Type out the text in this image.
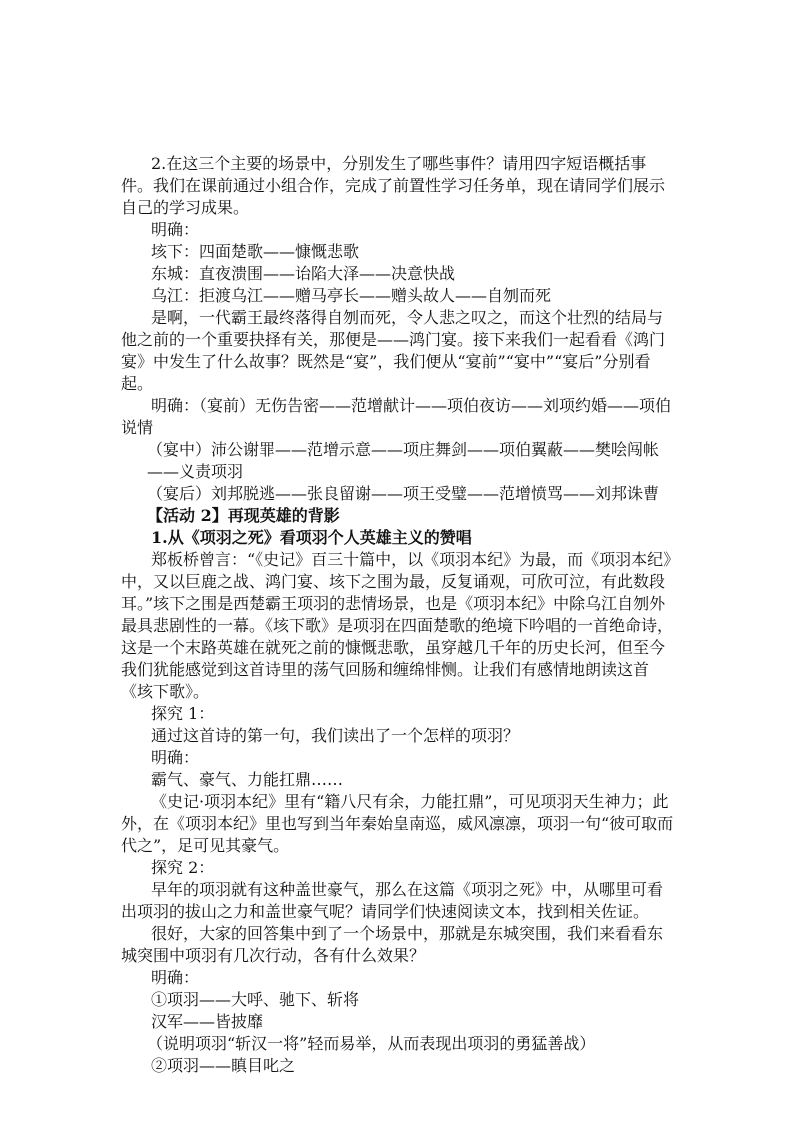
2.在这三个主要的场景中，分别发生了哪些事件？请用四字短语概括事件。我们在课前通过小组合作，完成了前置性学习任务单，现在请同学们展示自己的学习成果。

明确：

垓下：四面楚歌——慷慨悲歌

东城：直夜溃围——诒陷大泽——决意快战

乌江：拒渡乌江——赠马亭长——赠头故人——自刎而死

是啊，一代霸王最终落得自刎而死，令人悲之叹之，而这个壮烈的结局与他之前的一个重要抉择有关，那便是——鸿门宴。接下来我们一起看看《鸿门宴》中发生了什么故事？既然是“宴”，我们便从“宴前”“宴中”“宴后”分别看起。

明确：（宴前）无伤告密——范增献计——项伯夜访——刘项约婚——项伯说情

（宴中）沛公谢罪——范增示意——项庄舞剑——项伯翼蔽——樊哙闯帐

——义责项羽

（宴后）刘邦脱逃——张良留谢——项王受璧——范增愤骂——刘邦诛曹

【活动 2】再现英雄的背影

1.从《项羽之死》看项羽个人英雄主义的赞唱

郑板桥曾言：“《史记》百三十篇中，以《项羽本纪》为最，而《项羽本纪》中，又以巨鹿之战、鸿门宴、垓下之围为最，反复诵观，可欣可泣，有此数段耳。”垓下之围是西楚霸王项羽的悲情场景，也是《项羽本纪》中除乌江自刎外最具悲剧性的一幕。《垓下歌》是项羽在四面楚歌的绝境下吟唱的一首绝命诗，这是一个末路英雄在就死之前的慷慨悲歌，虽穿越几千年的历史长河，但至今我们犹能感觉到这首诗里的荡气回肠和缠绵悱恻。让我们有感情地朗读这首《垓下歌》。

探究 1：

通过这首诗的第一句，我们读出了一个怎样的项羽？

明确：

霸气、豪气、力能扛鼎……

《史记·项羽本纪》里有“籍八尺有余，力能扛鼎”，可见项羽天生神力；此外，在《项羽本纪》里也写到当年秦始皇南巡，威风凛凛，项羽一句“彼可取而代之”，足可见其豪气。

探究 2：

早年的项羽就有这种盖世豪气，那么在这篇《项羽之死》中，从哪里可看出项羽的拔山之力和盖世豪气呢？请同学们快速阅读文本，找到相关佐证。

很好，大家的回答集中到了一个场景中，那就是东城突围，我们来看看东城突围中项羽有几次行动，各有什么效果？

明确：

①项羽——大呼、驰下、斩将

汉军——皆披靡

（说明项羽“斩汉一将”轻而易举，从而表现出项羽的勇猛善战）

②项羽——瞋目叱之
